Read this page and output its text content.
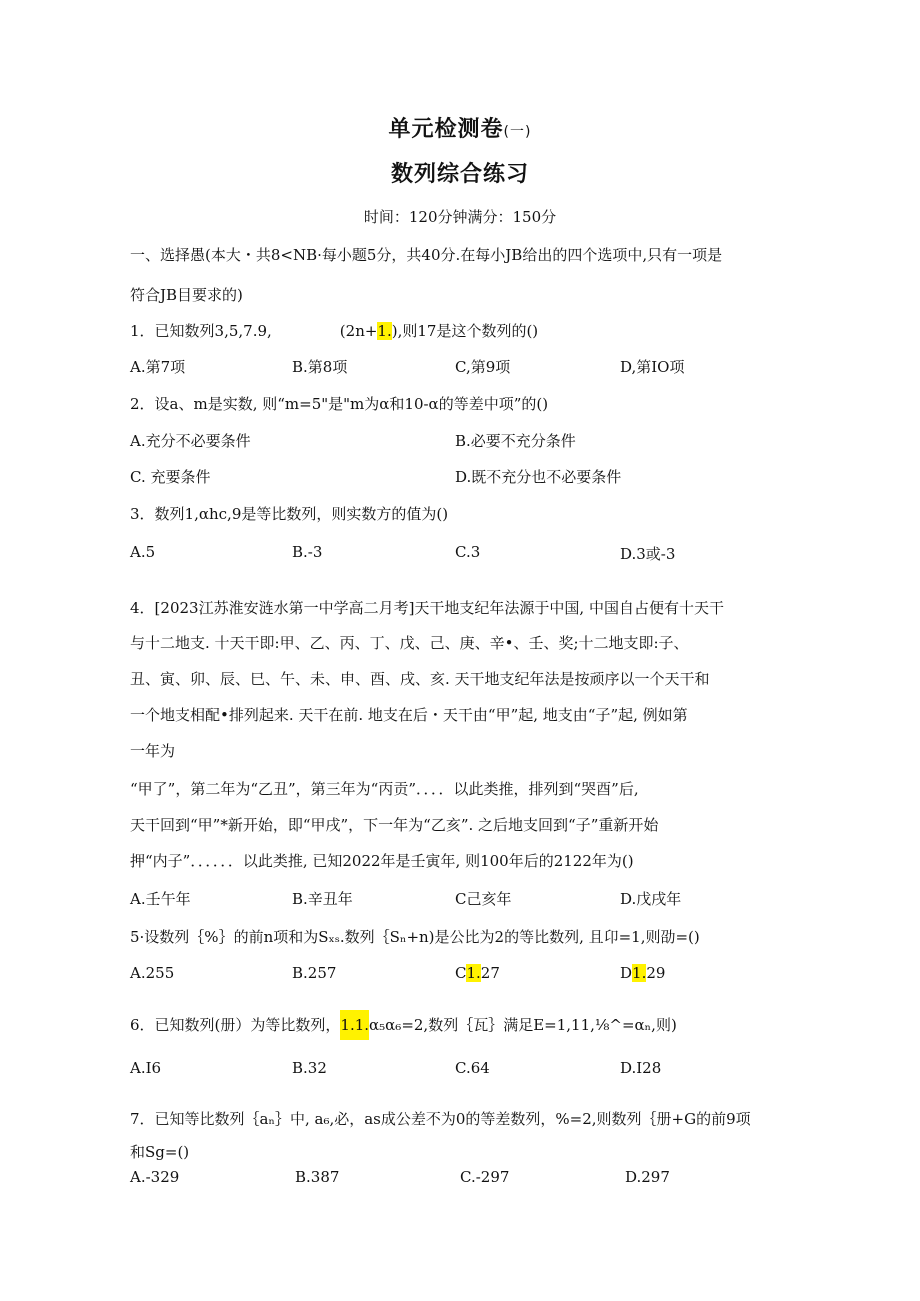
单元检测卷(一)
数列综合练习
时间：120分钟满分：150分
一、选择愚(本大・共8<NB·每小题5分，共40分.在每小JB给出的四个选项中,只有一项是
符合JB目要求的)
1．已知数列3,5,7.9,	(2n+1.),则17是这个数列的()
A.第7项	B.第8项	C,第9项	D,第IO项
2．设a、m是实数, 则“m=5"是"m为α和10-α的等差中项”的()
A.充分不必要条件	B.必要不充分条件
C. 充要条件	D.既不充分也不必要条件
3．数列1,αhc,9是等比数列，则实数方的值为()
A.5	B.-3	C.3	D.3或-3
4．[2023江苏淮安涟水第一中学高二月考]天干地支纪年法源于中国, 中国自占便有十天干
与十二地支. 十天干即:甲、乙、丙、丁、戊、己、庚、辛•、壬、奖;十二地支即:子、
丑、寅、卯、辰、巳、午、未、申、酉、戌、亥. 天干地支纪年法是按顽序以一个天干和
一个地支相配•排列起来. 天干在前. 地支在后・天干由“甲”起, 地支由“子”起, 例如第
一年为
“甲了”，第二年为“乙丑”，第三年为“丙贡”．．．．以此类推，排列到“哭酉”后,
天干回到“甲”*新开始，即“甲戌”，下一年为“乙亥”. 之后地支回到“子”重新开始
押“内子”．．．．．．以此类推, 已知2022年是壬寅年, 则100年后的2122年为()
A.壬午年	B.辛丑年	C己亥年	D.戊戌年
5·设数列｛%｝的前n项和为Sₓₛ.数列｛Sₙ+n)是公比为2的等比数列, 且卬=1,则劭=()
A.255	B.257	C1.27	D1.29
6．已知数列(册）为等比数列，1.1.α₅α₆=2,数列｛瓦｝满足E=1,11,⅛^=αₙ,则)
A.I6	B.32	C.64	D.I28
7．已知等比数列｛aₙ｝中, a₆,必，as成公差不为0的等差数列，%=2,则数列｛册+G的前9项
和Sg=()
A.-329	B.387	C.-297	D.297
